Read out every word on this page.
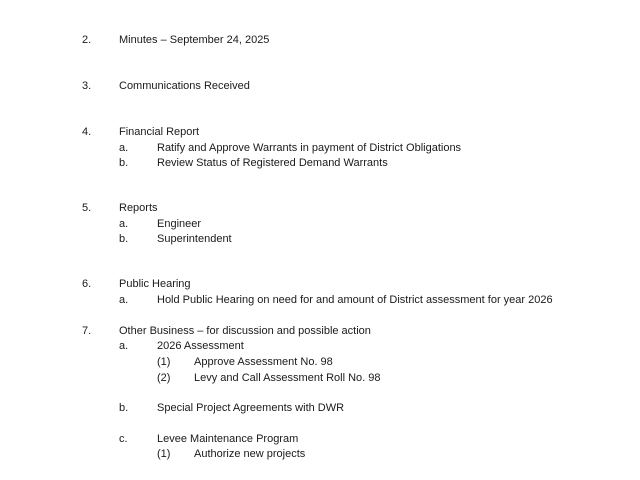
2.	Minutes – September 24, 2025
3.	Communications Received
4.	Financial Report
a.	Ratify and Approve Warrants in payment of District Obligations
b.	Review Status of Registered Demand Warrants
5.	Reports
a.	Engineer
b.	Superintendent
6.	Public Hearing
a.	Hold Public Hearing on need for and amount of District assessment for year 2026
7.	Other Business – for discussion and possible action
a.	2026 Assessment
(1) Approve Assessment No. 98
(2) Levy and Call Assessment Roll No. 98
b.	Special Project Agreements with DWR
c.	Levee Maintenance Program
(1) Authorize new projects
